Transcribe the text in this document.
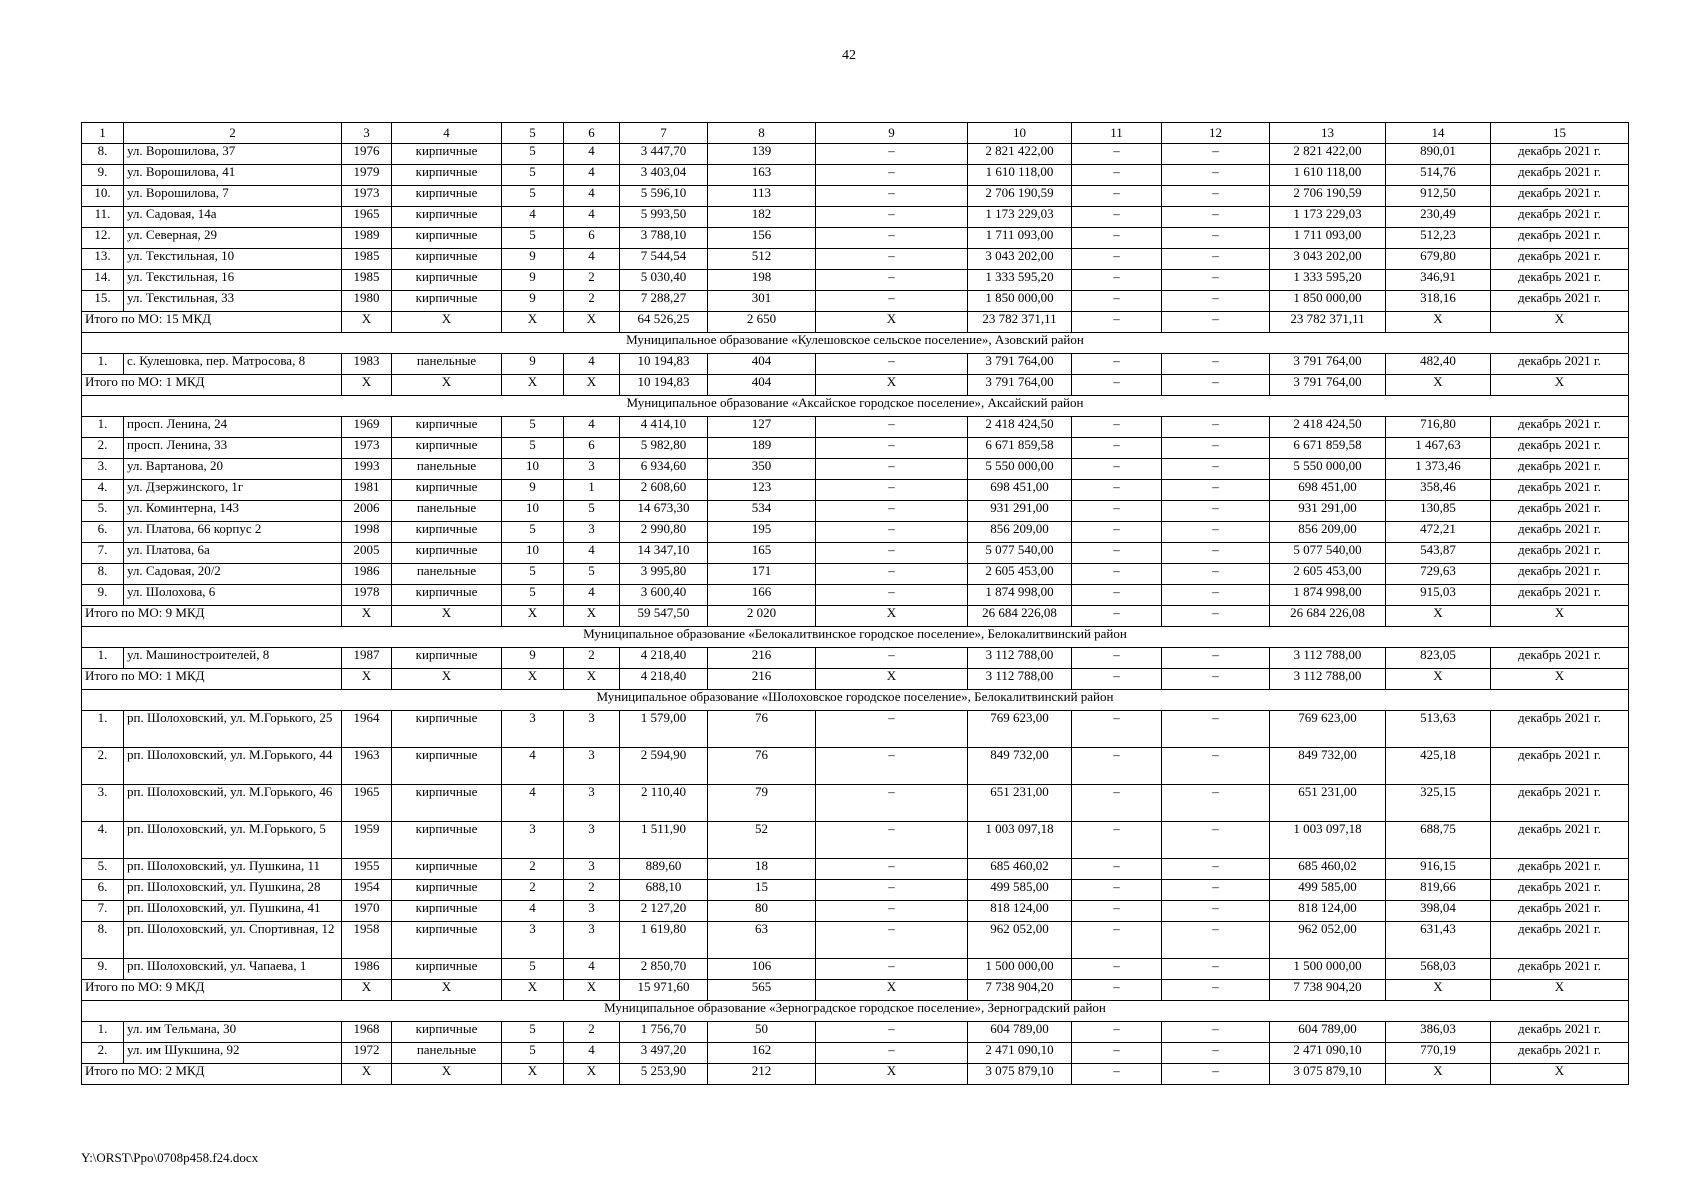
42
1	2	3	4	5	6	7	8	9	10	11	12	13	14	15
8.	ул. Ворошилова, 37	1976	кирпичные	5	4	3 447,70	139	–	2 821 422,00	–	–	2 821 422,00	890,01	декабрь 2021 г.
9.	ул. Ворошилова, 41	1979	кирпичные	5	4	3 403,04	163	–	1 610 118,00	–	–	1 610 118,00	514,76	декабрь 2021 г.
10.	ул. Ворошилова, 7	1973	кирпичные	5	4	5 596,10	113	–	2 706 190,59	–	–	2 706 190,59	912,50	декабрь 2021 г.
11.	ул. Садовая, 14а	1965	кирпичные	4	4	5 993,50	182	–	1 173 229,03	–	–	1 173 229,03	230,49	декабрь 2021 г.
12.	ул. Северная, 29	1989	кирпичные	5	6	3 788,10	156	–	1 711 093,00	–	–	1 711 093,00	512,23	декабрь 2021 г.
13.	ул. Текстильная, 10	1985	кирпичные	9	4	7 544,54	512	–	3 043 202,00	–	–	3 043 202,00	679,80	декабрь 2021 г.
14.	ул. Текстильная, 16	1985	кирпичные	9	2	5 030,40	198	–	1 333 595,20	–	–	1 333 595,20	346,91	декабрь 2021 г.
15.	ул. Текстильная, 33	1980	кирпичные	9	2	7 288,27	301	–	1 850 000,00	–	–	1 850 000,00	318,16	декабрь 2021 г.
Итого по МО: 15 МКД		X	X	X	X	64 526,25	2 650	X	23 782 371,11	–	–	23 782 371,11	X	X
Муниципальное образование «Кулешовское сельское поселение», Азовский район														
1.	с. Кулешовка, пер. Матросова, 8	1983	панельные	9	4	10 194,83	404	–	3 791 764,00	–	–	3 791 764,00	482,40	декабрь 2021 г.
Итого по МО: 1 МКД		X	X	X	X	10 194,83	404	X	3 791 764,00	–	–	3 791 764,00	X	X
Муниципальное образование «Аксайское городское поселение», Аксайский район														
1.	просп. Ленина, 24	1969	кирпичные	5	4	4 414,10	127	–	2 418 424,50	–	–	2 418 424,50	716,80	декабрь 2021 г.
2.	просп. Ленина, 33	1973	кирпичные	5	6	5 982,80	189	–	6 671 859,58	–	–	6 671 859,58	1 467,63	декабрь 2021 г.
3.	ул. Вартанова, 20	1993	панельные	10	3	6 934,60	350	–	5 550 000,00	–	–	5 550 000,00	1 373,46	декабрь 2021 г.
4.	ул. Дзержинского, 1г	1981	кирпичные	9	1	2 608,60	123	–	698 451,00	–	–	698 451,00	358,46	декабрь 2021 г.
5.	ул. Коминтерна, 143	2006	панельные	10	5	14 673,30	534	–	931 291,00	–	–	931 291,00	130,85	декабрь 2021 г.
6.	ул. Платова, 66 корпус 2	1998	кирпичные	5	3	2 990,80	195	–	856 209,00	–	–	856 209,00	472,21	декабрь 2021 г.
7.	ул. Платова, 6а	2005	кирпичные	10	4	14 347,10	165	–	5 077 540,00	–	–	5 077 540,00	543,87	декабрь 2021 г.
8.	ул. Садовая, 20/2	1986	панельные	5	5	3 995,80	171	–	2 605 453,00	–	–	2 605 453,00	729,63	декабрь 2021 г.
9.	ул. Шолохова, 6	1978	кирпичные	5	4	3 600,40	166	–	1 874 998,00	–	–	1 874 998,00	915,03	декабрь 2021 г.
Итого по МО: 9 МКД		X	X	X	X	59 547,50	2 020	X	26 684 226,08	–	–	26 684 226,08	X	X
Муниципальное образование «Белокалитвинское городское поселение», Белокалитвинский район														
1.	ул. Машиностроителей, 8	1987	кирпичные	9	2	4 218,40	216	–	3 112 788,00	–	–	3 112 788,00	823,05	декабрь 2021 г.
Итого по МО: 1 МКД		X	X	X	X	4 218,40	216	X	3 112 788,00	–	–	3 112 788,00	X	X
Муниципальное образование «Шолоховское городское поселение», Белокалитвинский район														
1.	рп. Шолоховский, ул. М.Горького, 25	1964	кирпичные	3	3	1 579,00	76	–	769 623,00	–	–	769 623,00	513,63	декабрь 2021 г.
2.	рп. Шолоховский, ул. М.Горького, 44	1963	кирпичные	4	3	2 594,90	76	–	849 732,00	–	–	849 732,00	425,18	декабрь 2021 г.
3.	рп. Шолоховский, ул. М.Горького, 46	1965	кирпичные	4	3	2 110,40	79	–	651 231,00	–	–	651 231,00	325,15	декабрь 2021 г.
4.	рп. Шолоховский, ул. М.Горького, 5	1959	кирпичные	3	3	1 511,90	52	–	1 003 097,18	–	–	1 003 097,18	688,75	декабрь 2021 г.
5.	рп. Шолоховский, ул. Пушкина, 11	1955	кирпичные	2	3	889,60	18	–	685 460,02	–	–	685 460,02	916,15	декабрь 2021 г.
6.	рп. Шолоховский, ул. Пушкина, 28	1954	кирпичные	2	2	688,10	15	–	499 585,00	–	–	499 585,00	819,66	декабрь 2021 г.
7.	рп. Шолоховский, ул. Пушкина, 41	1970	кирпичные	4	3	2 127,20	80	–	818 124,00	–	–	818 124,00	398,04	декабрь 2021 г.
8.	рп. Шолоховский, ул. Спортивная, 12	1958	кирпичные	3	3	1 619,80	63	–	962 052,00	–	–	962 052,00	631,43	декабрь 2021 г.
9.	рп. Шолоховский, ул. Чапаева, 1	1986	кирпичные	5	4	2 850,70	106	–	1 500 000,00	–	–	1 500 000,00	568,03	декабрь 2021 г.
Итого по МО: 9 МКД		X	X	X	X	15 971,60	565	X	7 738 904,20	–	–	7 738 904,20	X	X
Муниципальное образование «Зерноградское городское поселение», Зерноградский район														
1.	ул. им Тельмана, 30	1968	кирпичные	5	2	1 756,70	50	–	604 789,00	–	–	604 789,00	386,03	декабрь 2021 г.
2.	ул. им Шукшина, 92	1972	панельные	5	4	3 497,20	162	–	2 471 090,10	–	–	2 471 090,10	770,19	декабрь 2021 г.
Итого по МО: 2 МКД		X	X	X	X	5 253,90	212	X	3 075 879,10	–	–	3 075 879,10	X	X
Y:\ORST\Ppo\0708p458.f24.docx
